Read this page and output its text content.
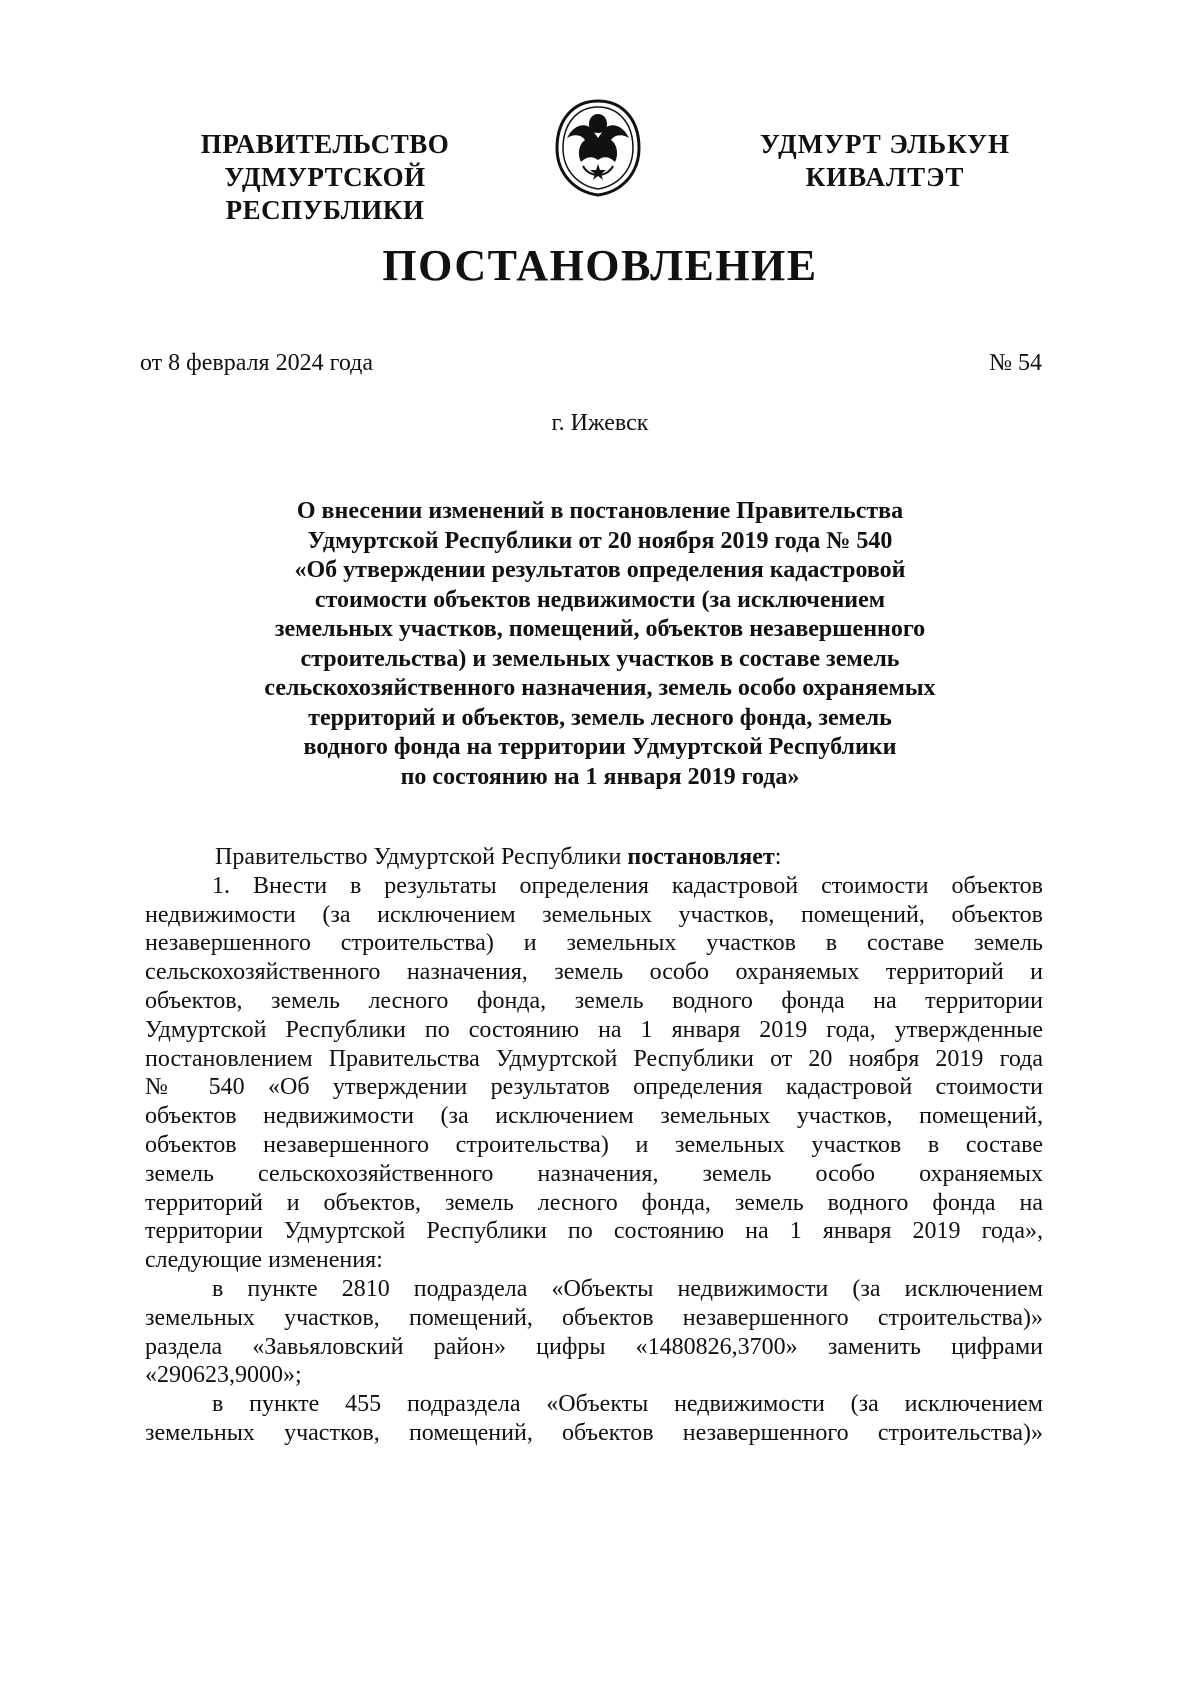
ПРАВИТЕЛЬСТВО
УДМУРТСКОЙ РЕСПУБЛИКИ
УДМУРТ ЭЛЬКУН
КИВАЛТЭТ
ПОСТАНОВЛЕНИЕ
от 8 февраля 2024 года	№ 54
г. Ижевск
О внесении изменений в постановление Правительства
Удмуртской Республики от 20 ноября 2019 года № 540
«Об утверждении результатов определения кадастровой
стоимости объектов недвижимости (за исключением
земельных участков, помещений, объектов незавершенного
строительства) и земельных участков в составе земель
сельскохозяйственного назначения, земель особо охраняемых
территорий и объектов, земель лесного фонда, земель
водного фонда на территории Удмуртской Республики
по состоянию на 1 января 2019 года»
Правительство Удмуртской Республики постановляет:
1. Внести в результаты определения кадастровой стоимости объектов
недвижимости (за исключением земельных участков, помещений, объектов
незавершенного строительства) и земельных участков в составе земель
сельскохозяйственного назначения, земель особо охраняемых территорий и
объектов, земель лесного фонда, земель водного фонда на территории
Удмуртской Республики по состоянию на 1 января 2019 года, утвержденные
постановлением Правительства Удмуртской Республики от 20 ноября 2019 года
№ 540 «Об утверждении результатов определения кадастровой стоимости
объектов недвижимости (за исключением земельных участков, помещений,
объектов незавершенного строительства) и земельных участков в составе
земель сельскохозяйственного назначения, земель особо охраняемых
территорий и объектов, земель лесного фонда, земель водного фонда на
территории Удмуртской Республики по состоянию на 1 января 2019 года»,
следующие изменения:
в пункте 2810 подраздела «Объекты недвижимости (за исключением
земельных участков, помещений, объектов незавершенного строительства)»
раздела «Завьяловский район» цифры «1480826,3700» заменить цифрами
«290623,9000»;
в пункте 455 подраздела «Объекты недвижимости (за исключением
земельных участков, помещений, объектов незавершенного строительства)»
